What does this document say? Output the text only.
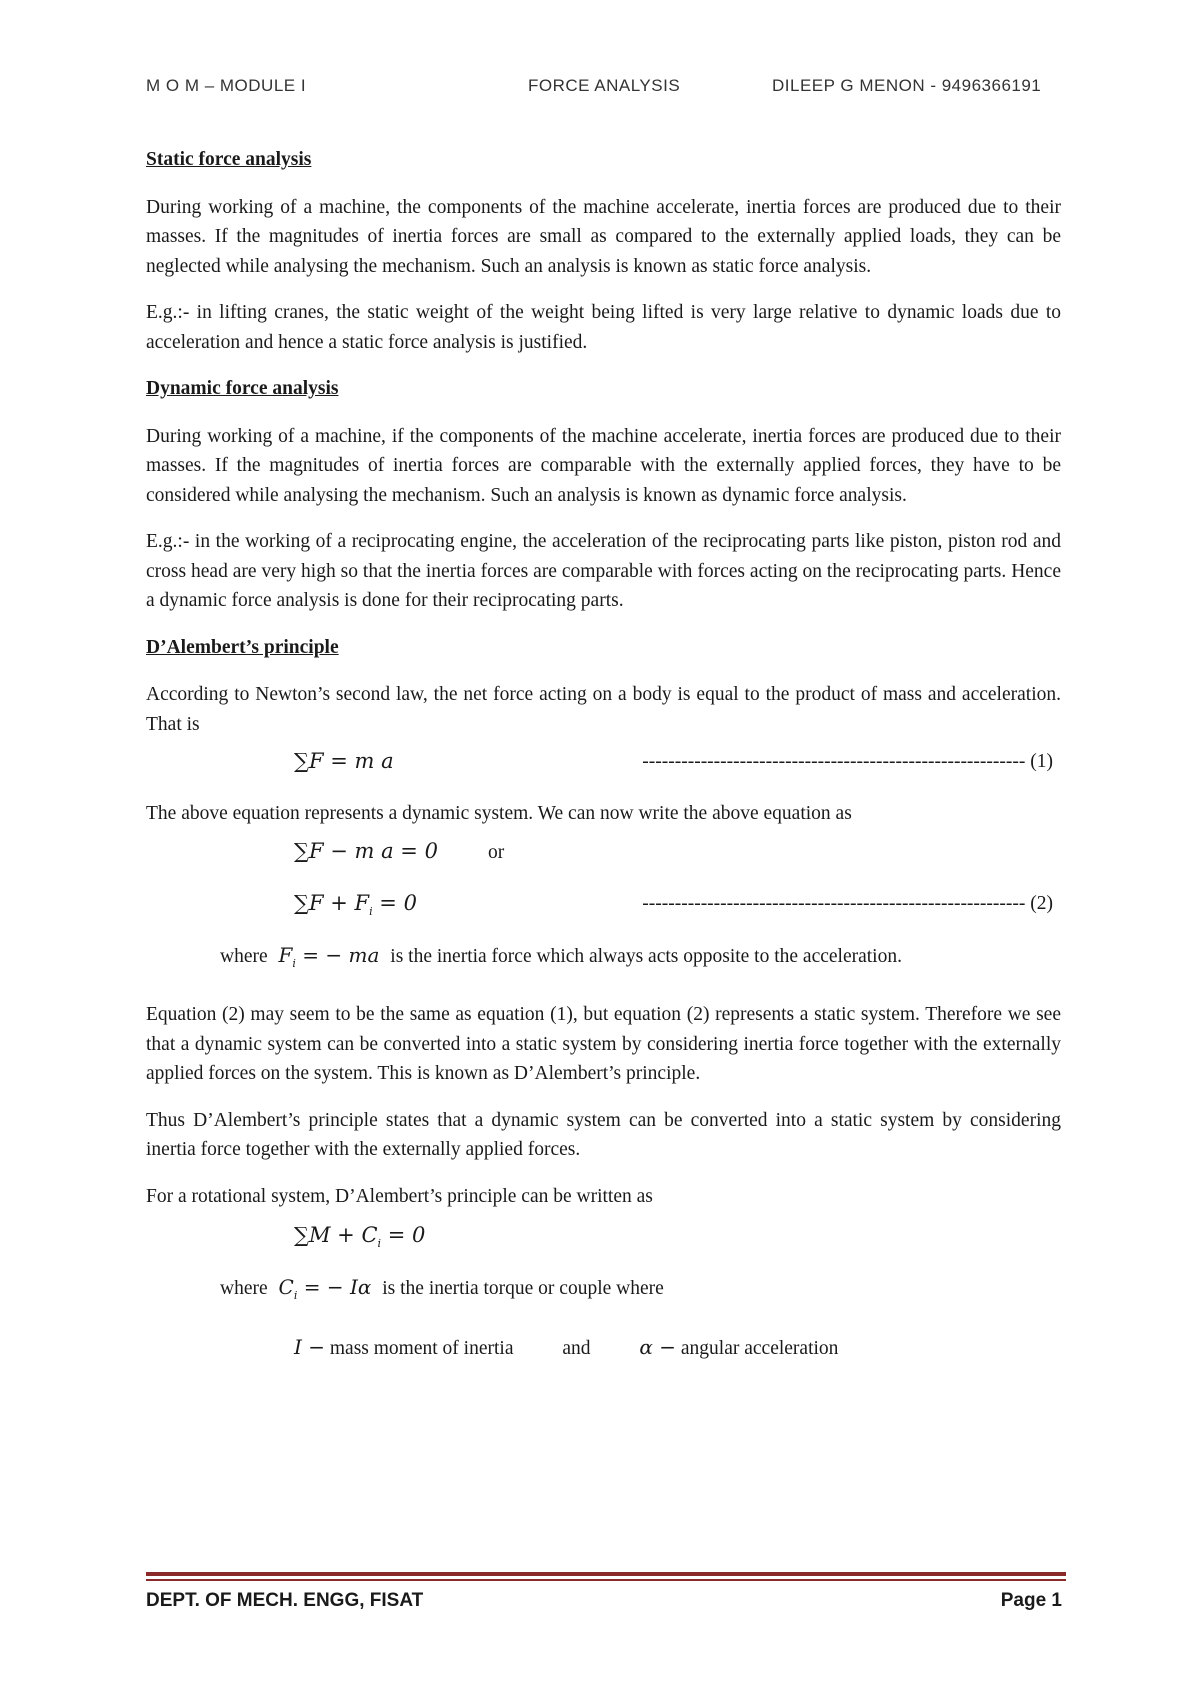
M O M – MODULE I	FORCE ANALYSIS	DILEEP G MENON - 9496366191
Static force analysis

During working of a machine, the components of the machine accelerate, inertia forces are produced due to their masses. If the magnitudes of inertia forces are small as compared to the externally applied loads, they can be neglected while analysing the mechanism. Such an analysis is known as static force analysis.

E.g.:- in lifting cranes, the static weight of the weight being lifted is very large relative to dynamic loads due to acceleration and hence a static force analysis is justified.

Dynamic force analysis

During working of a machine, if the components of the machine accelerate, inertia forces are produced due to their masses. If the magnitudes of inertia forces are comparable with the externally applied forces, they have to be considered while analysing the mechanism. Such an analysis is known as dynamic force analysis.

E.g.:- in the working of a reciprocating engine, the acceleration of the reciprocating parts like piston, piston rod and cross head are very high so that the inertia forces are comparable with forces acting on the reciprocating parts. Hence a dynamic force analysis is done for their reciprocating parts.

D’Alembert’s principle

According to Newton’s second law, the net force acting on a body is equal to the product of mass and acceleration. That is

∑F = m a	----------------------------------------------------------- (1)

The above equation represents a dynamic system. We can now write the above equation as

∑F − m a = 0	or
$\sum F + F_i = 0$	----------------------------------------------------------- (2)
where $F_i$ = − ma is the inertia force which always acts opposite to the acceleration.

Equation (2) may seem to be the same as equation (1), but equation (2) represents a static system. Therefore we see that a dynamic system can be converted into a static system by considering inertia force together with the externally applied forces on the system. This is known as D’Alembert’s principle.

Thus D’Alembert’s principle states that a dynamic system can be converted into a static system by considering inertia force together with the externally applied forces.

For a rotational system, D’Alembert’s principle can be written as

$\sum M + C_i = 0$
where $C_i$ = − Iα is the inertia torque or couple where
I − mass moment of inertia	and α − angular acceleration
DEPT. OF MECH. ENGG, FISAT	Page 1
